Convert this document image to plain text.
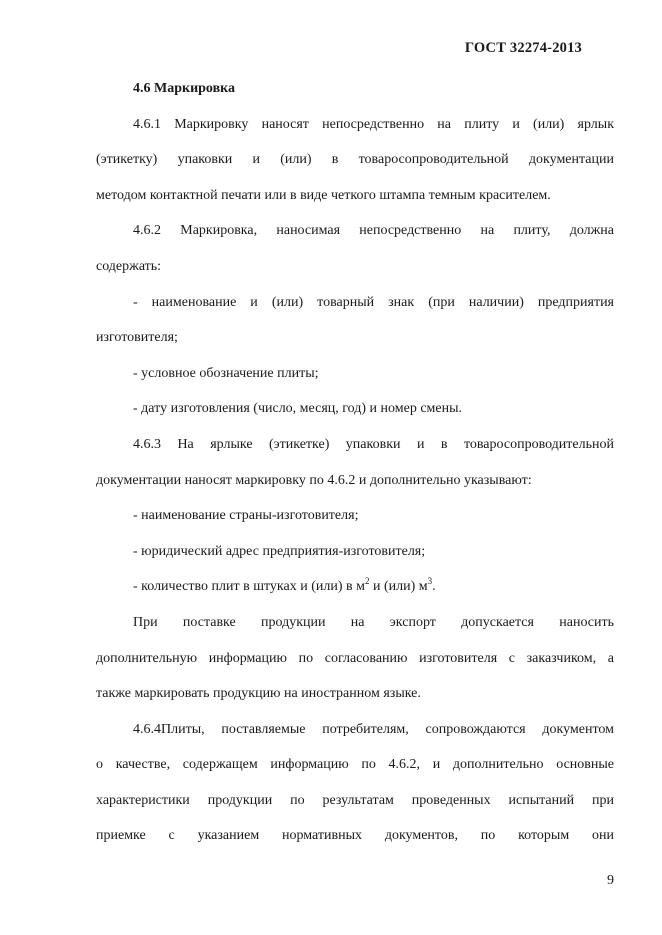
ГОСТ 32274-2013
4.6 Маркировка
4.6.1 Маркировку наносят непосредственно на плиту и (или) ярлык
(этикетку) упаковки и (или) в товаросопроводительной документации
методом контактной печати или в виде четкого штампа темным красителем.
4.6.2 Маркировка, наносимая непосредственно на плиту, должна
содержать:
- наименование и (или) товарный знак (при наличии) предприятия
изготовителя;
- условное обозначение плиты;
- дату изготовления (число, месяц, год) и номер смены.
4.6.3 На ярлыке (этикетке) упаковки и в товаросопроводительной
документации наносят маркировку по 4.6.2 и дополнительно указывают:
- наименование страны-изготовителя;
- юридический адрес предприятия-изготовителя;
- количество плит в штуках и (или) в $м^2$ и (или) $м^3$.
При поставке продукции на экспорт допускается наносить
дополнительную информацию по согласованию изготовителя с заказчиком, а
также маркировать продукцию на иностранном языке.
4.6.4Плиты, поставляемые потребителям, сопровождаются документом
о качестве, содержащем информацию по 4.6.2, и дополнительно основные
характеристики продукции по результатам проведенных испытаний при
приемке с указанием нормативных документов, по которым они
9
